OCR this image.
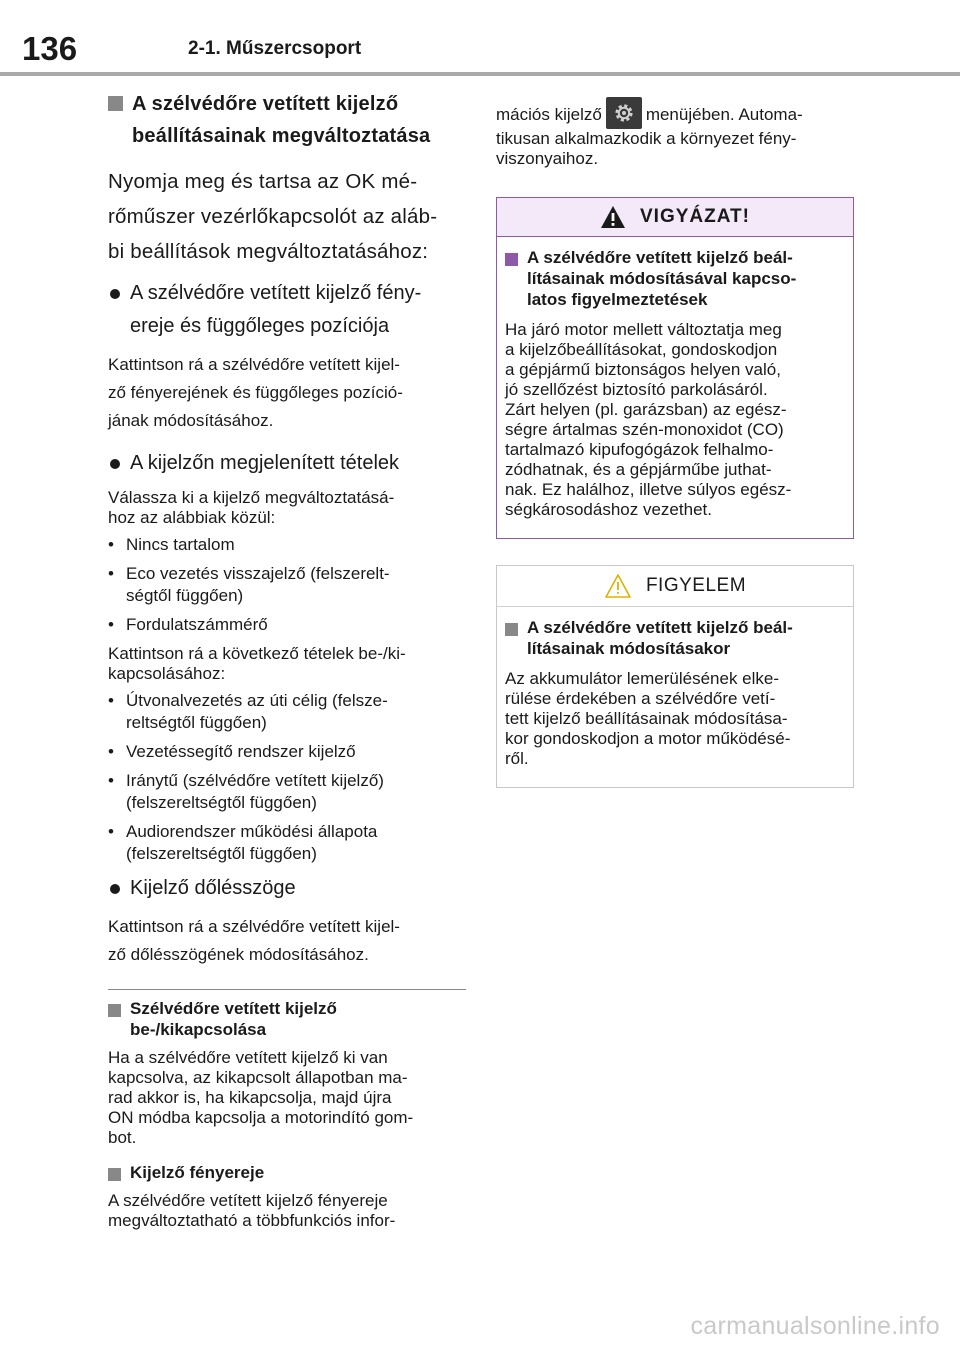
136	2-1. Műszercsoport
A szélvédőre vetített kijelző
beállításainak megváltoztatása
Nyomja meg és tartsa az OK mé-
rőműszer vezérlőkapcsolót az aláb-
bi beállítások megváltoztatásához:
A szélvédőre vetített kijelző fény-
ereje és függőleges pozíciója
Kattintson rá a szélvédőre vetített kijel-
ző fényerejének és függőleges pozíció-
jának módosításához.
A kijelzőn megjelenített tételek
Válassza ki a kijelző megváltoztatásá-
hoz az alábbiak közül:
• Nincs tartalom
• Eco vezetés visszajelző (felszerelt-
ségtől függően)
• Fordulatszámmérő
Kattintson rá a következő tételek be-/ki-
kapcsolásához:
• Útvonalvezetés az úti célig (felsze-
reltségtől függően)
• Vezetéssegítő rendszer kijelző
• Iránytű (szélvédőre vetített kijelző)
(felszereltségtől függően)
• Audiorendszer működési állapota
(felszereltségtől függően)
Kijelző dőlésszöge
Kattintson rá a szélvédőre vetített kijel-
ző dőlésszögének módosításához.
Szélvédőre vetített kijelző
be-/kikapcsolása
Ha a szélvédőre vetített kijelző ki van
kapcsolva, az kikapcsolt állapotban ma-
rad akkor is, ha kikapcsolja, majd újra
ON módba kapcsolja a motorindító gom-
bot.
Kijelző fényereje
A szélvédőre vetített kijelző fényereje
megváltoztatható a többfunkciós infor-
mációs kijelző	menüjében. Automa-
tikusan alkalmazkodik a környezet fény-
viszonyaihoz.
VIGYÁZAT!
A szélvédőre vetített kijelző beál-
lításainak módosításával kapcso-
latos figyelmeztetések
Ha járó motor mellett változtatja meg
a kijelzőbeállításokat, gondoskodjon
a gépjármű biztonságos helyen való,
jó szellőzést biztosító parkolásáról.
Zárt helyen (pl. garázsban) az egész-
ségre ártalmas szén-monoxidot (CO)
tartalmazó kipufogógázok felhalmo-
zódhatnak, és a gépjárműbe juthat-
nak. Ez halálhoz, illetve súlyos egész-
ségkárosodáshoz vezethet.
FIGYELEM
A szélvédőre vetített kijelző beál-
lításainak módosításakor
Az akkumulátor lemerülésének elke-
rülése érdekében a szélvédőre vetí-
tett kijelző beállításainak módosítása-
kor gondoskodjon a motor működésé-
ről.
carmanualsonline.info
